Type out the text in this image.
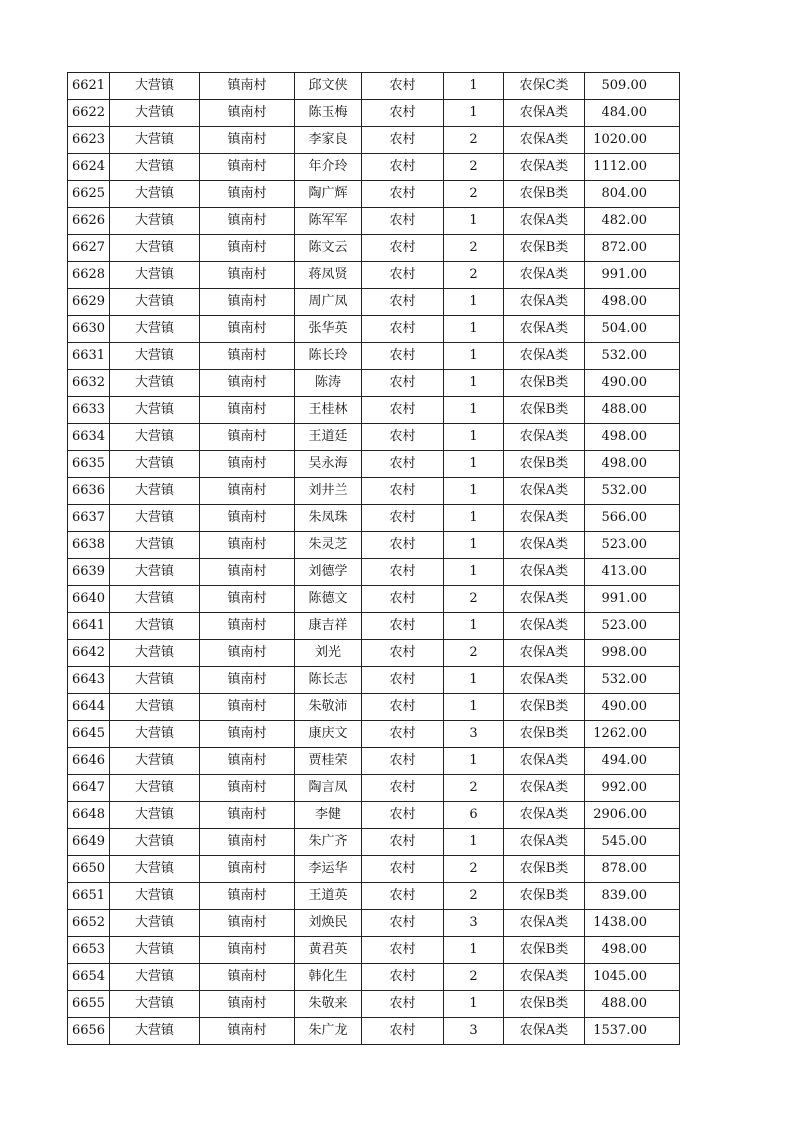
6621	大营镇	镇南村	邱文侠	农村	1	农保C类	509.00
6622	大营镇	镇南村	陈玉梅	农村	1	农保A类	484.00
6623	大营镇	镇南村	李家良	农村	2	农保A类	1020.00
6624	大营镇	镇南村	年介玲	农村	2	农保A类	1112.00
6625	大营镇	镇南村	陶广辉	农村	2	农保B类	804.00
6626	大营镇	镇南村	陈军军	农村	1	农保A类	482.00
6627	大营镇	镇南村	陈文云	农村	2	农保B类	872.00
6628	大营镇	镇南村	蒋凤贤	农村	2	农保A类	991.00
6629	大营镇	镇南村	周广凤	农村	1	农保A类	498.00
6630	大营镇	镇南村	张华英	农村	1	农保A类	504.00
6631	大营镇	镇南村	陈长玲	农村	1	农保A类	532.00
6632	大营镇	镇南村	陈涛	农村	1	农保B类	490.00
6633	大营镇	镇南村	王桂林	农村	1	农保B类	488.00
6634	大营镇	镇南村	王道廷	农村	1	农保A类	498.00
6635	大营镇	镇南村	吴永海	农村	1	农保B类	498.00
6636	大营镇	镇南村	刘井兰	农村	1	农保A类	532.00
6637	大营镇	镇南村	朱凤珠	农村	1	农保A类	566.00
6638	大营镇	镇南村	朱灵芝	农村	1	农保A类	523.00
6639	大营镇	镇南村	刘德学	农村	1	农保A类	413.00
6640	大营镇	镇南村	陈德文	农村	2	农保A类	991.00
6641	大营镇	镇南村	康吉祥	农村	1	农保A类	523.00
6642	大营镇	镇南村	刘光	农村	2	农保A类	998.00
6643	大营镇	镇南村	陈长志	农村	1	农保A类	532.00
6644	大营镇	镇南村	朱敬沛	农村	1	农保B类	490.00
6645	大营镇	镇南村	康庆文	农村	3	农保B类	1262.00
6646	大营镇	镇南村	贾桂荣	农村	1	农保A类	494.00
6647	大营镇	镇南村	陶言凤	农村	2	农保A类	992.00
6648	大营镇	镇南村	李健	农村	6	农保A类	2906.00
6649	大营镇	镇南村	朱广齐	农村	1	农保A类	545.00
6650	大营镇	镇南村	李运华	农村	2	农保B类	878.00
6651	大营镇	镇南村	王道英	农村	2	农保B类	839.00
6652	大营镇	镇南村	刘焕民	农村	3	农保A类	1438.00
6653	大营镇	镇南村	黄君英	农村	1	农保B类	498.00
6654	大营镇	镇南村	韩化生	农村	2	农保A类	1045.00
6655	大营镇	镇南村	朱敬来	农村	1	农保B类	488.00
6656	大营镇	镇南村	朱广龙	农村	3	农保A类	1537.00
